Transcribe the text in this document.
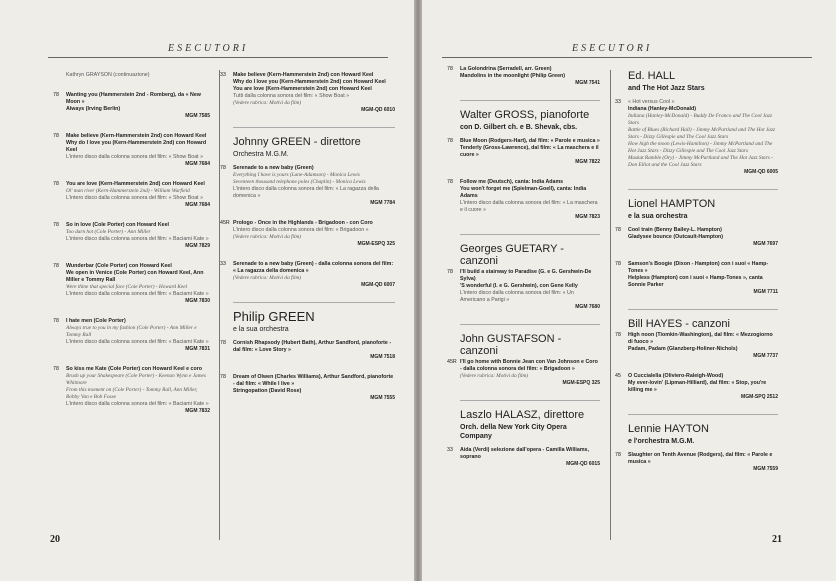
ESECUTORI
Kathryn GRAYSON (continuazione)
78 Wanting you (Hammerstein 2nd - Romberg), da « New Moon »
Always (Irving Berlin)
MGM 7585
78 Make believe (Kern-Hammerstein 2nd) con Howard Keel
Why do I love you (Kern-Hammerstein 2nd) con Howard Keel
L'intero disco dalla colonna sonora del film: « Show Boat »
MGM 7684
78 You are love (Kern-Hammerstein 2nd) con Howard Keel
Ol' man river (Kern-Hammerstein 2nd) - William Warfield
L'intero disco dalla colonna sonora del film: « Show Boat »
MGM 7684
78 So in love (Cole Porter) con Howard Keel
Too darn hot (Cole Porter) - Ann Miller
L'intero disco dalla colonna sonora del film: « Baciami Kate »
MGM 7829
78 Wunderbar (Cole Porter) con Howard Keel
We open in Venice (Cole Porter) con Howard Keel, Ann Miller e Tommy Rall
Were thine that special face (Cole Porter) - Howard Keel
L'intero disco dalla colonna sonora del film: « Baciami Kate »
MGM 7830
78 I hate men (Cole Porter)
Always true to you in my fashion (Cole Porter) - Ann Miller e Tommy Rall
L'intero disco dalla colonna sonora del film: « Baciami Kate »
MGM 7831
78 So kiss me Kate (Cole Porter) con Howard Keel e coro
Brush up your Shakespeare (Cole Porter) - Keenan Wynn e James Whitmore
From this moment on (Cole Porter) - Tommy Rall, Ann Miller, Bobby Van e Bob Fosse
L'intero disco dalla colonna sonora del film: « Baciami Kate »
MGM 7832
33 Make believe (Kern-Hammerstein 2nd) con Howard Keel
Why do I love you (Kern-Hammerstein 2nd) con Howard Keel
You are love (Kern-Hammerstein 2nd) con Howard Keel
Tutti dalla colonna sonora del film: « Show Boat »
(Vedere rubrica: Motivi da film)
MGM-QD 6010
Johnny GREEN - direttore
Orchestra M.G.M.
78 Serenade to a new baby (Green)
Everything I have is yours (Lane-Adamson) - Monica Lewis
Seventeen thousand telephone poles (Chaplin) - Monica Lewis
L'intero disco dalla colonna sonora del film: « La ragazza della domenica »
MGM 7784
45R Prologo - Once in the Highlands - Brigadoon - con Coro
L'intero disco dalla colonna sonora del film: « Brigadoon »
(Vedere rubrica: Motivi da film)
MGM-ESPQ 325
33 Serenade to a new baby (Green) - dalla colonna sonora del film: « La ragazza della domenica »
(Vedere rubrica: Motivi da film)
MGM-QD 6007
Philip GREEN
e la sua orchestra
78 Cornish Rhapsody (Hubert Bath), Arthur Sandford, pianoforte - dal film: « Love Story »
MGM 7518
78 Dream of Olwen (Charles Williams), Arthur Sandford, pianoforte - dal film: « While I live »
Stringopation (David Rose)
MGM 7555
20
ESECUTORI
78 La Golondrina (Serradell, arr. Green)
Mandolins in the moonlight (Philip Green)
MGM 7541
Walter GROSS, pianoforte
con D. Gilbert ch. e B. Shevak, cbs.
78 Blue Moon (Rodgers-Hart), dal film: « Parole e musica »
Tenderly (Gross-Lawrence), dal film: « La maschera e il cuore »
MGM 7822
78 Follow me (Deutsch), canta: India Adams
You won't forget me (Spielman-Goell), canta: India Adams
L'intero disco dalla colonna sonora del film: « La maschera e il cuore »
MGM 7823
Georges GUETARY - canzoni
78 I'll build a stairway to Paradise (G. e G. Gershwin-De Sylva)
'S wonderful (I. e G. Gershwin), con Gene Kelly
L'intero disco dalla colonna sonora del film: « Un Americano a Parigi »
MGM 7680
John GUSTAFSON - canzoni
45R I'll go home with Bonnie Jean con Van Johnson e Coro - dalla colonna sonora del film: « Brigadoon »
(Vedere rubrica: Motivi da film)
MGM-ESPQ 325
Laszlo HALASZ, direttore
Orch. della New York City Opera Company
33 Aida (Verdi) selezione dall'opera - Camilla Williams, soprano
MGM-QD 6015
Ed. HALL
and The Hot Jazz Stars
33 « Hot versus Cool »
Indiana (Hanley-McDonald)
Indiana (Hanley-McDonald) - Buddy De Franco and The Cool Jazz Stars
Battle of Blues (Richard Hall) - Jimmy McPartland and The Hot Jazz Stars - Dizzy Gillespie and The Cool Jazz Stars
How high the moon (Lewis-Hamilton) - Jimmy McPartland and The Hot Jazz Stars - Dizzy Gillespie and The Cool Jazz Stars
Muskat Ramble (Ory) - Jimmy McPartland and The Hot Jazz Stars - Don Elliot and the Cool Jazz Stars
MGM-QD 6005
Lionel HAMPTON
e la sua orchestra
78 Cool train (Benny Bailey-L. Hampton)
Gladysee bounce (Outcault-Hampton)
MGM 7697
78 Samson's Boogie (Dixon - Hampton) con i suoi « Hamp-Tones »
Helpless (Hampton) con i suoi « Hamp-Tones », canta Sonnie Parker
MGM 7711
Bill HAYES - canzoni
78 High noon (Tiomkin-Washington), dal film: « Mezzogiorno di fuoco »
Padam, Padam (Glanzberg-Holiner-Nichols)
MGM 7737
45 O Cuccialella (Oliviero-Raleigh-Wood)
My ever-lovin' (Lipman-Hilliard), dal film: « Stop, you're killing me »
MGM-SPQ 2512
Lennie HAYTON
e l'orchestra M.G.M.
78 Slaughter on Tenth Avenue (Rodgers), dal film: « Parole e musica »
MGM 7559
21
